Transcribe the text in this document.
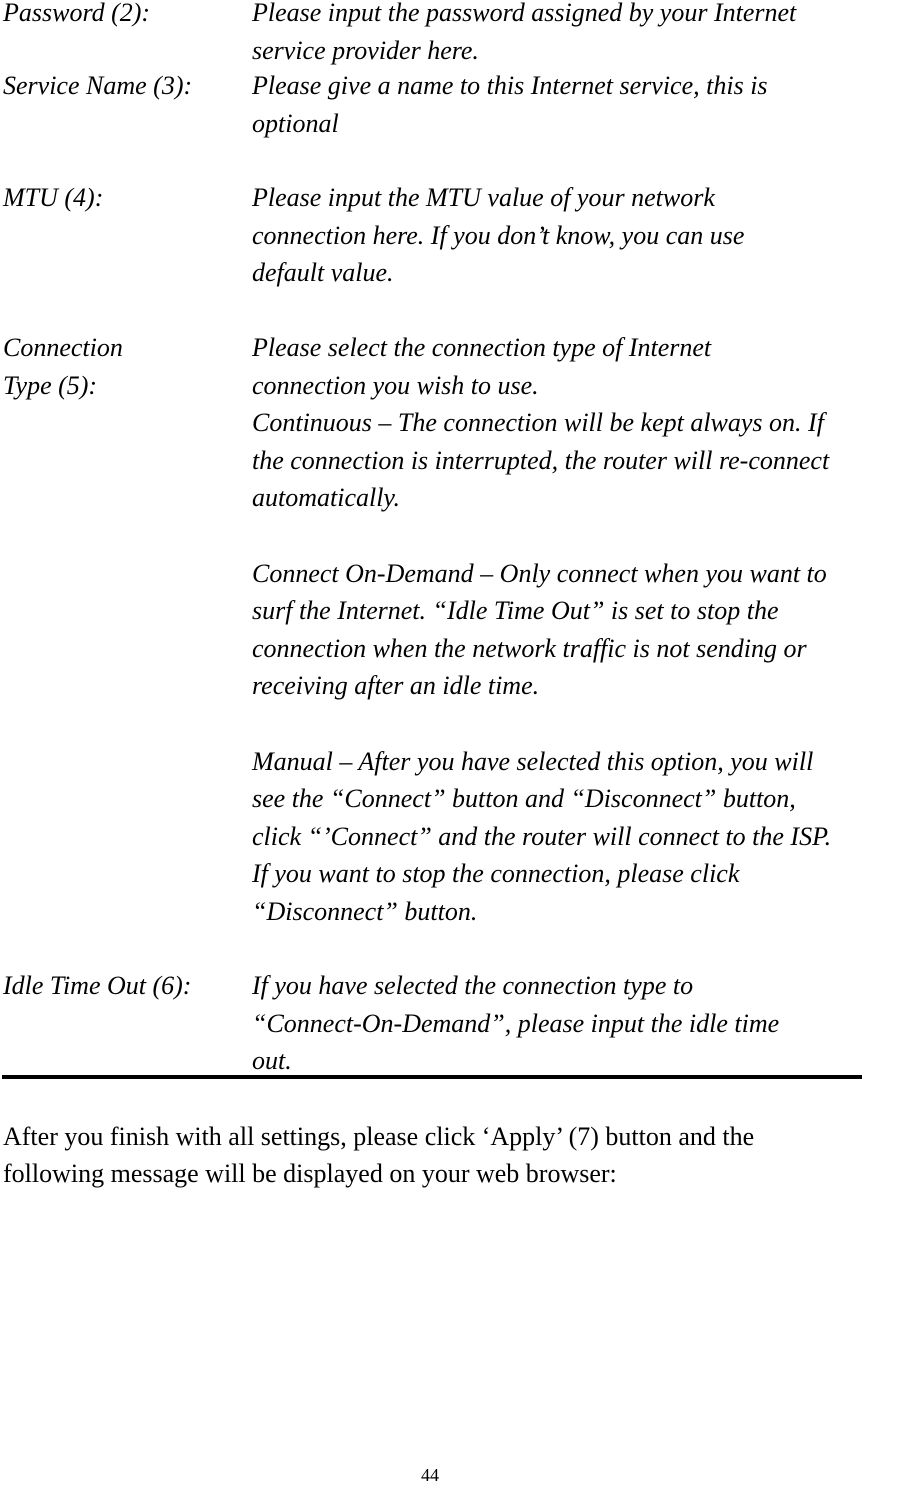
Password (2):	Please input the password assigned by your Internet
service provider here.
Service Name (3): Please give a name to this Internet service, this is
optional
MTU (4):	Please input the MTU value of your network
connection here. If you don’t know, you can use
default value.
Connection
Type (5):
Please select the connection type of Internet
connection you wish to use.
Continuous – The connection will be kept always on. If
the connection is interrupted, the router will re-connect
automatically.

Connect On-Demand – Only connect when you want to
surf the Internet. “Idle Time Out” is set to stop the
connection when the network traffic is not sending or
receiving after an idle time.

Manual – After you have selected this option, you will
see the “Connect” button and “Disconnect” button,
click “’Connect” and the router will connect to the ISP.
If you want to stop the connection, please click
“Disconnect” button.
Idle Time Out (6): If you have selected the connection type to
“Connect-On-Demand”, please input the idle time
out.
After you finish with all settings, please click ‘Apply’ (7) button and the
following message will be displayed on your web browser:
44
